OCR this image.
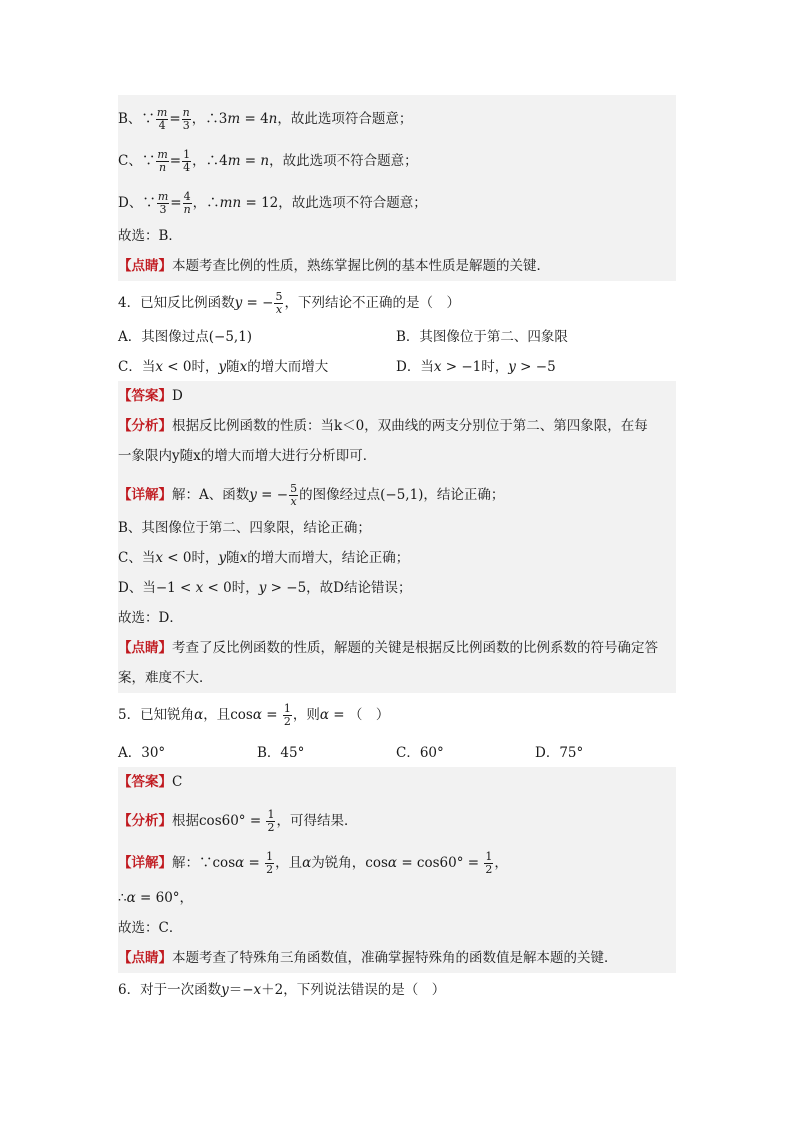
B、∵ $\frac{m}{4} = \frac{n}{3}$ ，∴3m = 4n，故此选项符合题意；
C、∵ $\frac{m}{n} = \frac{1}{4}$ ，∴4m = n，故此选项不符合题意；
D、∵ $\frac{m}{3} = \frac{4}{n}$ ，∴mn = 12，故此选项不符合题意；
故选：B．
【点睛】本题考查比例的性质，熟练掌握比例的基本性质是解题的关键．
4．已知反比例函数y = − $\frac{5}{x}$ ，下列结论不正确的是（　）
A．其图像过点(−5,1)	B．其图像位于第二、四象限
C．当x < 0时，y随x的增大而增大	D．当x > −1时，y > −5
【答案】D
【分析】根据反比例函数的性质：当k＜0，双曲线的两支分别位于第二、第四象限，在每
一象限内y随x的增大而增大进行分析即可．
【详解】解：A、函数y = − $\frac{5}{x}$ 的图像经过点(−5,1)，结论正确；
B、其图像位于第二、四象限，结论正确；
C、当x < 0时，y随x的增大而增大，结论正确；
D、当−1 < x < 0时，y > −5，故D结论错误；
故选：D．
【点睛】考查了反比例函数的性质，解题的关键是根据反比例函数的比例系数的符号确定答
案，难度不大．
5．已知锐角α，且$\cos\alpha = \frac{1}{2}$ ，则α = （　）
A．30°	B．45°	C．60°	D．75°
【答案】C
【分析】根据$\cos 60^\circ = \frac{1}{2}$ ，可得结果．
【详解】解：∵cosα = $\frac{1}{2}$ ，且α为锐角，$\cos\alpha = \cos 60^\circ = \frac{1}{2}$ ，
∴α = 60°，
故选：C．
【点睛】本题考查了特殊角三角函数值，准确掌握特殊角的函数值是解本题的关键．
6．对于一次函数y＝−x＋2，下列说法错误的是（　）
